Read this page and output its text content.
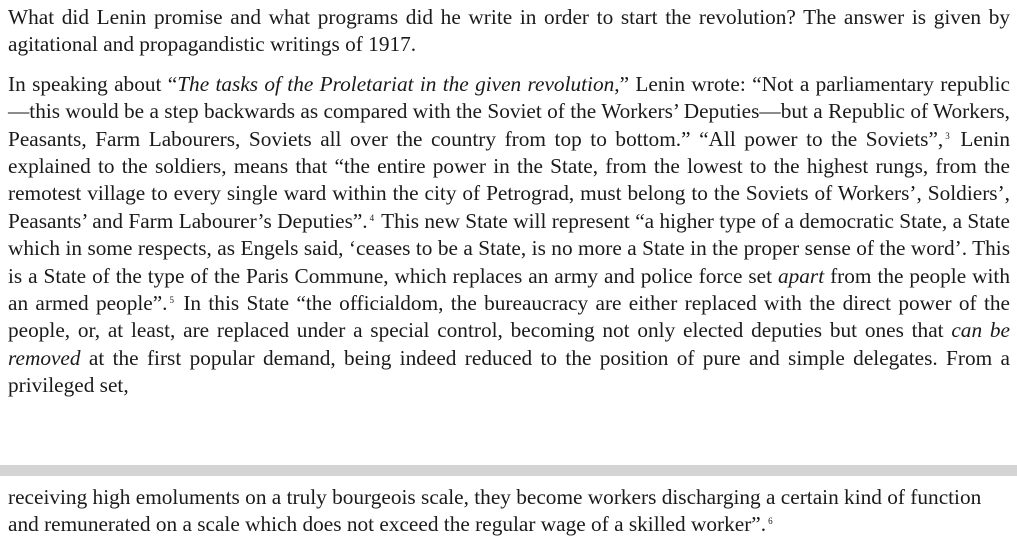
What did Lenin promise and what programs did he write in order to start the revolution? The answer is given by agitational and propagandistic writings of 1917.

In speaking about “The tasks of the Proletariat in the given revolution,” Lenin wrote: “Not a parliamentary republic—this would be a step backwards as compared with the Soviet of the Workers’ Deputies—but a Republic of Workers, Peasants, Farm Labourers, Soviets all over the country from top to bottom.” “All power to the Soviets”, $^3$ Lenin explained to the soldiers, means that “the entire power in the State, from the lowest to the highest rungs, from the remotest village to every single ward within the city of Petrograd, must belong to the Soviets of Workers’, Soldiers’, Peasants’ and Farm Labourer’s Deputies”. $^4$ This new State will represent “a higher type of a democratic State, a State which in some respects, as Engels said, ‘ceases to be a State, is no more a State in the proper sense of the word’. This is a State of the type of the Paris Commune, which replaces an army and police force set apart from the people with an armed people”. $^5$ In this State “the officialdom, the bureaucracy are either replaced with the direct power of the people, or, at least, are replaced under a special control, becoming not only elected deputies but ones that can be removed at the first popular demand, being indeed reduced to the position of pure and simple delegates. From a privileged set,

receiving high emoluments on a truly bourgeois scale, they become workers discharging a certain kind of function and remunerated on a scale which does not exceed the regular wage of a skilled worker”. $^6$
